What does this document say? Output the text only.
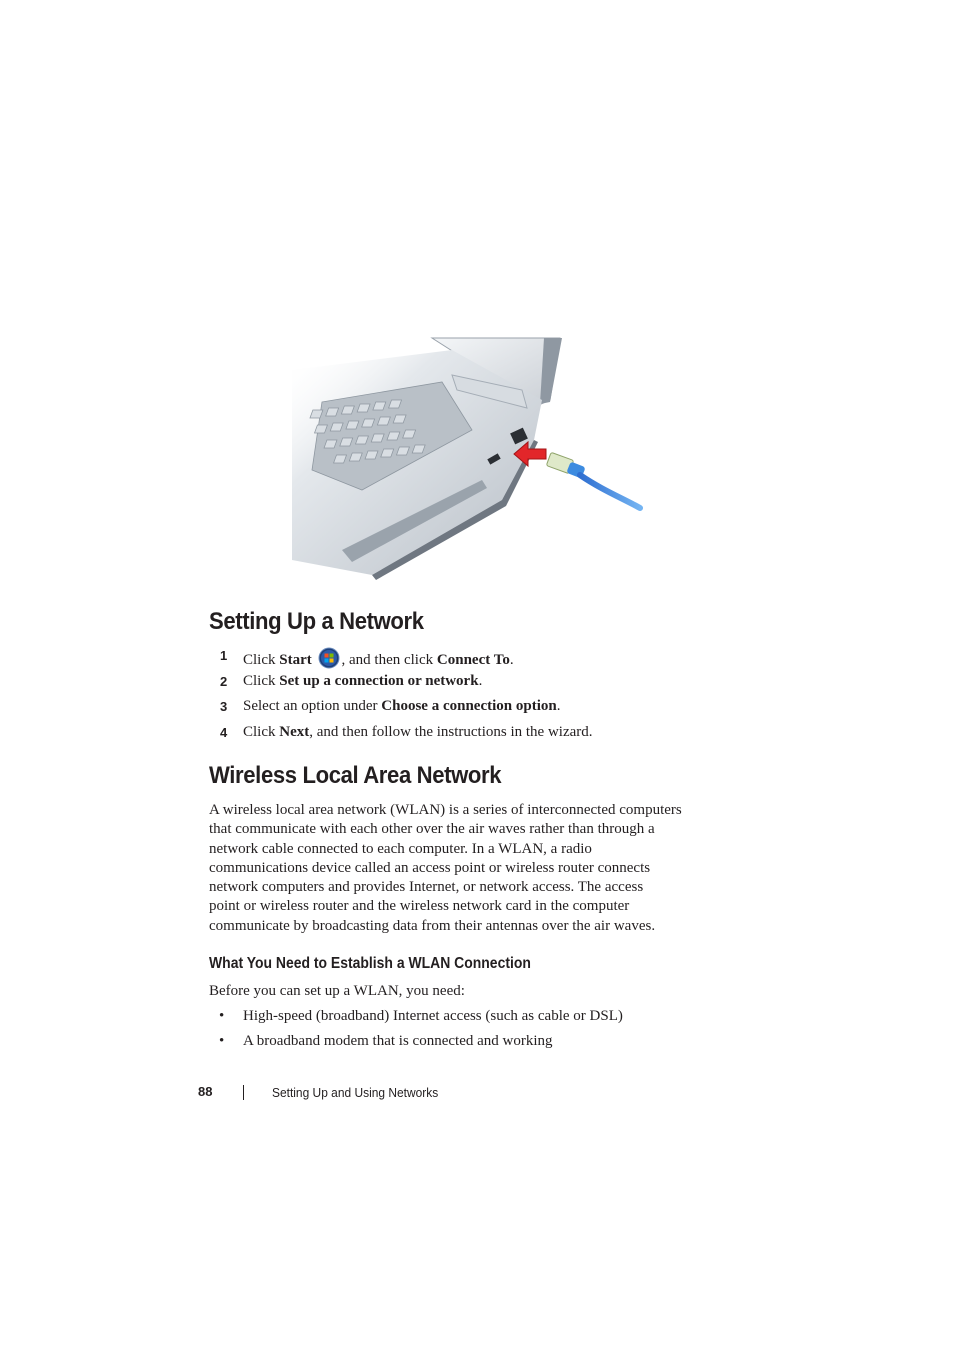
Setting Up a Network
1 Click Start , and then click Connect To.
2 Click Set up a connection or network.
3 Select an option under Choose a connection option.
4 Click Next, and then follow the instructions in the wizard.
Wireless Local Area Network
A wireless local area network (WLAN) is a series of interconnected computers
that communicate with each other over the air waves rather than through a
network cable connected to each computer. In a WLAN, a radio
communications device called an access point or wireless router connects
network computers and provides Internet, or network access. The access
point or wireless router and the wireless network card in the computer
communicate by broadcasting data from their antennas over the air waves.
What You Need to Establish a WLAN Connection
Before you can set up a WLAN, you need:
• High-speed (broadband) Internet access (such as cable or DSL)
• A broadband modem that is connected and working
88	Setting Up and Using Networks
